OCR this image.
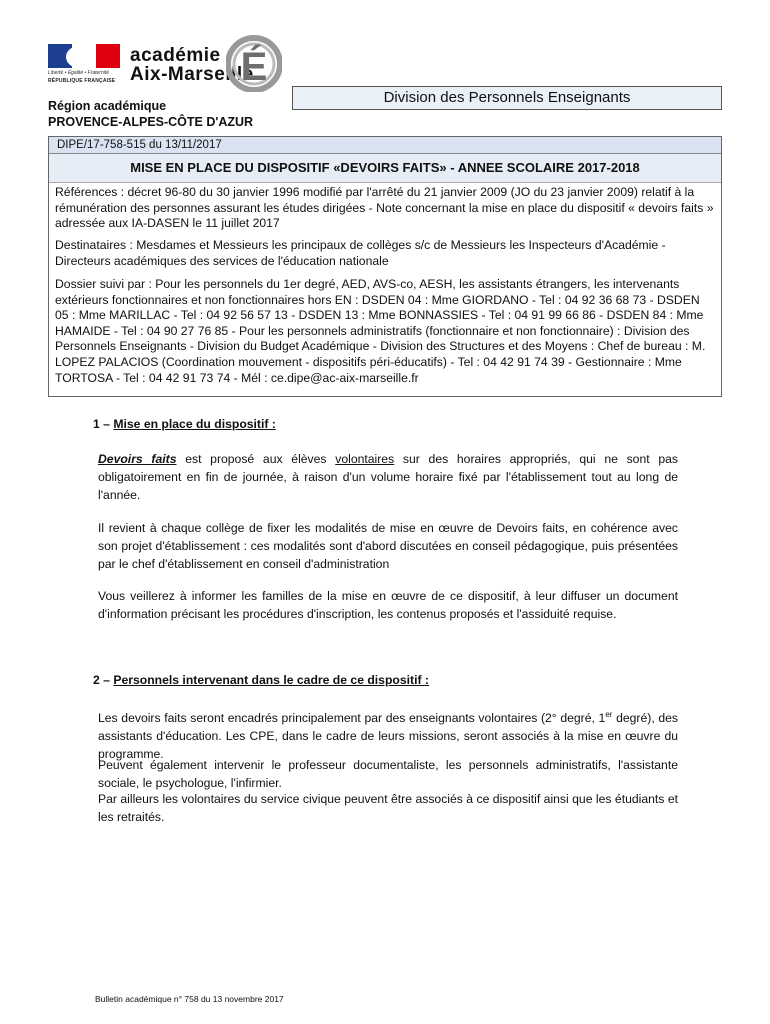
Liberté • Égalité • Fraternité
RÉPUBLIQUE FRANÇAISE
académie
Aix-Marseille
É
Région académique
PROVENCE-ALPES-CÔTE D'AZUR
Division des Personnels Enseignants
DIPE/17-758-515 du 13/11/2017
MISE EN PLACE DU DISPOSITIF «DEVOIRS FAITS» - ANNEE SCOLAIRE 2017-2018
Références : décret 96-80 du 30 janvier 1996 modifié par l'arrêté du 21 janvier 2009 (JO du 23 janvier 2009) relatif à la rémunération des personnes assurant les études dirigées - Note concernant la mise en place du dispositif « devoirs faits » adressée aux IA-DASEN le 11 juillet 2017
Destinataires : Mesdames et Messieurs les principaux de collèges s/c de Messieurs les Inspecteurs d'Académie - Directeurs académiques des services de l'éducation nationale
Dossier suivi par : Pour les personnels du 1er degré, AED, AVS-co, AESH, les assistants étrangers, les intervenants extérieurs fonctionnaires et non fonctionnaires hors EN : DSDEN 04 : Mme GIORDANO - Tel : 04 92 36 68 73 - DSDEN 05 : Mme MARILLAC - Tel : 04 92 56 57 13 - DSDEN 13 : Mme BONNASSIES - Tel : 04 91 99 66 86 - DSDEN 84 : Mme HAMAIDE - Tel : 04 90 27 76 85 - Pour les personnels administratifs (fonctionnaire et non fonctionnaire) : Division des Personnels Enseignants - Division du Budget Académique - Division des Structures et des Moyens : Chef de bureau : M. LOPEZ PALACIOS (Coordination mouvement - dispositifs péri-éducatifs) - Tel : 04 42 91 74 39 - Gestionnaire : Mme TORTOSA - Tel : 04 42 91 73 74 - Mél : ce.dipe@ac-aix-marseille.fr
1 – Mise en place du dispositif :
Devoirs faits est proposé aux élèves volontaires sur des horaires appropriés, qui ne sont pas obligatoirement en fin de journée, à raison d'un volume horaire fixé par l'établissement tout au long de l'année.
Il revient à chaque collège de fixer les modalités de mise en œuvre de Devoirs faits, en cohérence avec son projet d'établissement : ces modalités sont d'abord discutées en conseil pédagogique, puis présentées par le chef d'établissement en conseil d'administration
Vous veillerez à informer les familles de la mise en œuvre de ce dispositif, à leur diffuser un document d'information précisant les procédures d'inscription, les contenus proposés et l'assiduité requise.
2 – Personnels intervenant dans le cadre de ce dispositif :
Les devoirs faits seront encadrés principalement par des enseignants volontaires (2° degré, 1er degré), des assistants d'éducation. Les CPE, dans le cadre de leurs missions, seront associés à la mise en œuvre du programme.
Peuvent également intervenir le professeur documentaliste, les personnels administratifs, l'assistante sociale, le psychologue, l'infirmier.
Par ailleurs les volontaires du service civique peuvent être associés à ce dispositif ainsi que les étudiants et les retraités.
Bulletin académique n° 758 du 13 novembre 2017
